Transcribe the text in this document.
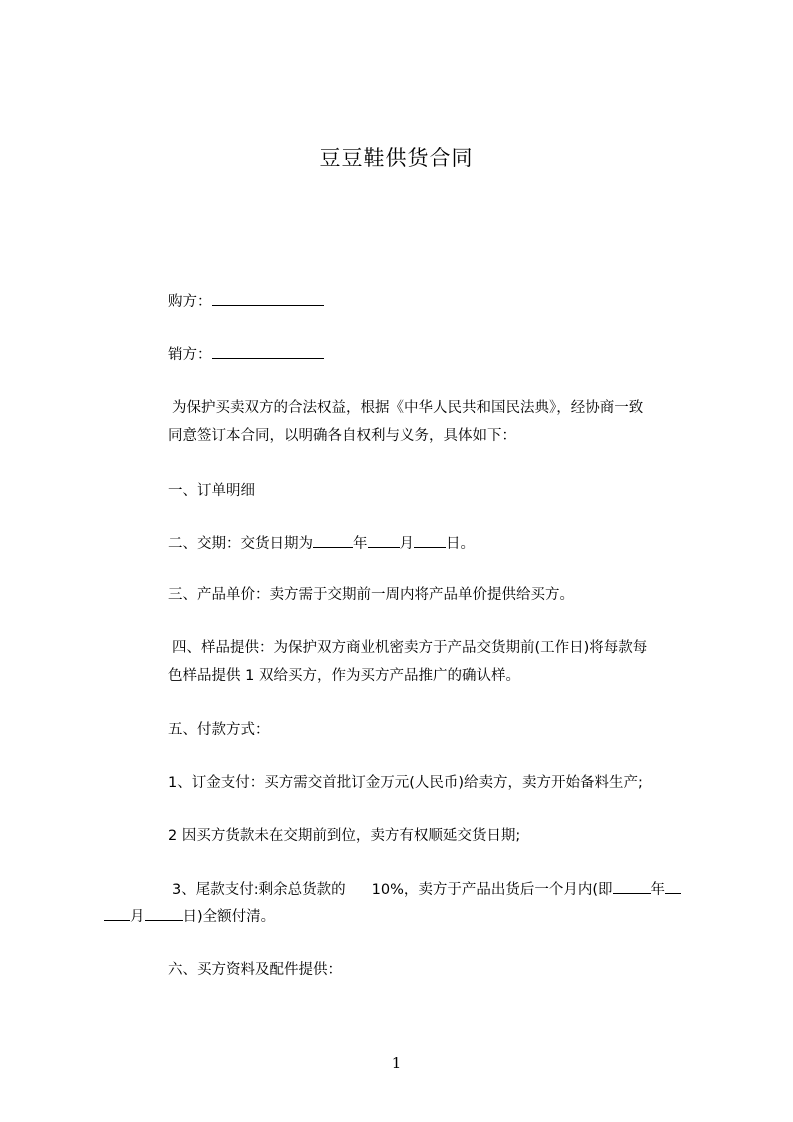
豆豆鞋供货合同
购方：
销方：
为保护买卖双方的合法权益，根据《中华人民共和国民法典》，经协商一致
同意签订本合同，以明确各自权利与义务，具体如下：
一、订单明细
二、交期：交货日期为	年 月 日。
三、产品单价：卖方需于交期前一周内将产品单价提供给买方。
四、样品提供：为保护双方商业机密卖方于产品交货期前(工作日)将每款每
色样品提供 1 双给买方，作为买方产品推广的确认样。
五、付款方式：
1、订金支付：买方需交首批订金万元(人民币)给卖方，卖方开始备料生产;
2 因买方货款未在交期前到位，卖方有权顺延交货日期;
3、尾款支付:剩余总货款的 10%，卖方于产品出货后一个月内(即	年
月	日)全额付清。
六、买方资料及配件提供：
1
